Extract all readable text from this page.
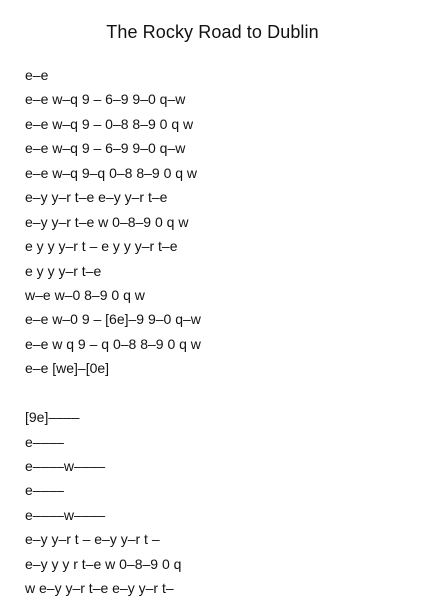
The Rocky Road to Dublin
e–e
e–e w–q 9 – 6–9 9–0 q–w
e–e w–q 9 – 0–8 8–9 0 q w
e–e w–q 9 – 6–9 9–0 q–w
e–e w–q 9–q 0–8 8–9 0 q w
e–y y–r t–e e–y y–r t–e
e–y y–r t–e w 0–8–9 0 q w
e y y y–r t – e y y y–r t–e
e y y y–r t–e
w–e w–0 8–9 0 q w
e–e w–0 9 – [6e]–9 9–0 q–w
e–e w q 9 – q 0–8 8–9 0 q w
e–e [we]–[0e]
[9e]––––
e––––
e––––w––––
e––––
e––––w––––
e–y y–r t – e–y y–r t –
e–y y y r t–e w 0–8–9 0 q
w e–y y–r t–e e–y y–r t–
